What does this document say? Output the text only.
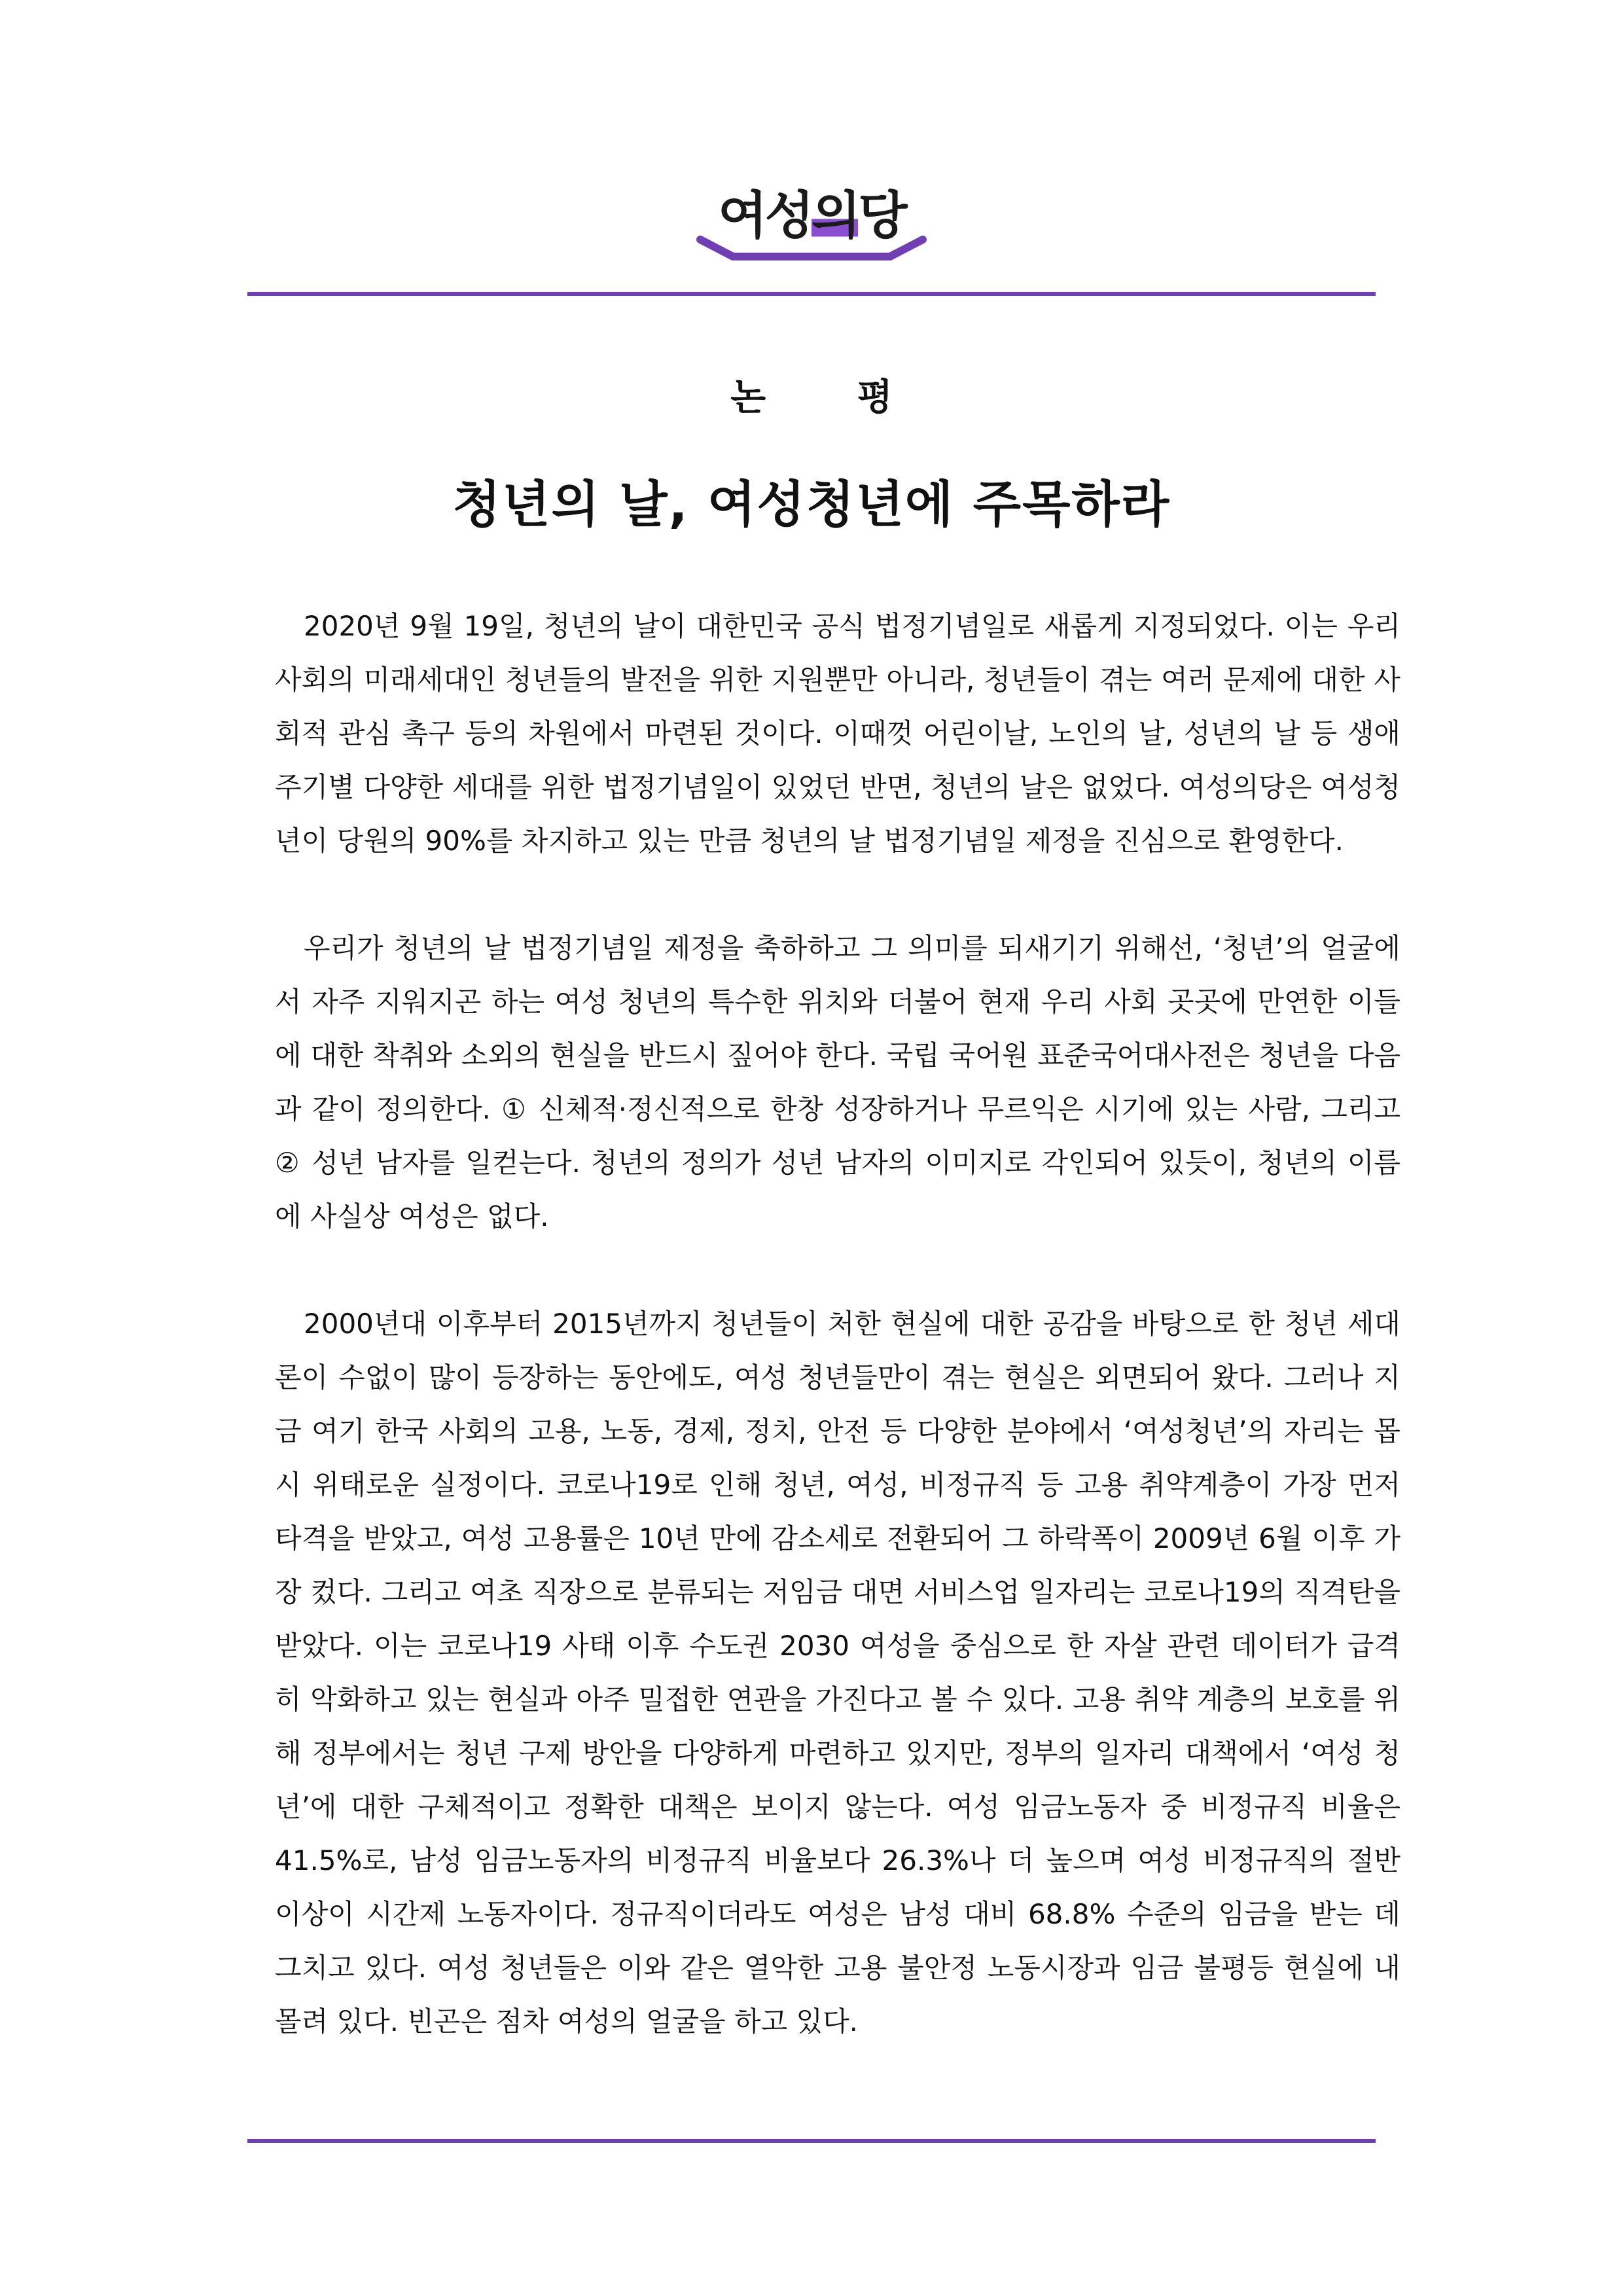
여성의당
논 평
청년의 날, 여성청년에 주목하라

2020년 9월 19일, 청년의 날이 대한민국 공식 법정기념일로 새롭게 지정되었다. 이는 우리 사회의 미래세대인 청년들의 발전을 위한 지원뿐만 아니라, 청년들이 겪는 여러 문제에 대한 사회적 관심 촉구 등의 차원에서 마련된 것이다. 이때껏 어린이날, 노인의 날, 성년의 날 등 생애주기별 다양한 세대를 위한 법정기념일이 있었던 반면, 청년의 날은 없었다. 여성의당은 여성청년이 당원의 90%를 차지하고 있는 만큼 청년의 날 법정기념일 제정을 진심으로 환영한다.

우리가 청년의 날 법정기념일 제정을 축하하고 그 의미를 되새기기 위해선, ‘청년’의 얼굴에서 자주 지워지곤 하는 여성 청년의 특수한 위치와 더불어 현재 우리 사회 곳곳에 만연한 이들에 대한 착취와 소외의 현실을 반드시 짚어야 한다. 국립 국어원 표준국어대사전은 청년을 다음과 같이 정의한다. ① 신체적·정신적으로 한창 성장하거나 무르익은 시기에 있는 사람, 그리고 ② 성년 남자를 일컫는다. 청년의 정의가 성년 남자의 이미지로 각인되어 있듯이, 청년의 이름에 사실상 여성은 없다.

2000년대 이후부터 2015년까지 청년들이 처한 현실에 대한 공감을 바탕으로 한 청년 세대론이 수없이 많이 등장하는 동안에도, 여성 청년들만이 겪는 현실은 외면되어 왔다. 그러나 지금 여기 한국 사회의 고용, 노동, 경제, 정치, 안전 등 다양한 분야에서 ‘여성청년’의 자리는 몹시 위태로운 실정이다. 코로나19로 인해 청년, 여성, 비정규직 등 고용 취약계층이 가장 먼저 타격을 받았고, 여성 고용률은 10년 만에 감소세로 전환되어 그 하락폭이 2009년 6월 이후 가장 컸다. 그리고 여초 직장으로 분류되는 저임금 대면 서비스업 일자리는 코로나19의 직격탄을 받았다. 이는 코로나19 사태 이후 수도권 2030 여성을 중심으로 한 자살 관련 데이터가 급격히 악화하고 있는 현실과 아주 밀접한 연관을 가진다고 볼 수 있다. 고용 취약 계층의 보호를 위해 정부에서는 청년 구제 방안을 다양하게 마련하고 있지만, 정부의 일자리 대책에서 ‘여성 청년’에 대한 구체적이고 정확한 대책은 보이지 않는다. 여성 임금노동자 중 비정규직 비율은 41.5%로, 남성 임금노동자의 비정규직 비율보다 26.3%나 더 높으며 여성 비정규직의 절반 이상이 시간제 노동자이다. 정규직이더라도 여성은 남성 대비 68.8% 수준의 임금을 받는 데 그치고 있다. 여성 청년들은 이와 같은 열악한 고용 불안정 노동시장과 임금 불평등 현실에 내몰려 있다. 빈곤은 점차 여성의 얼굴을 하고 있다.
